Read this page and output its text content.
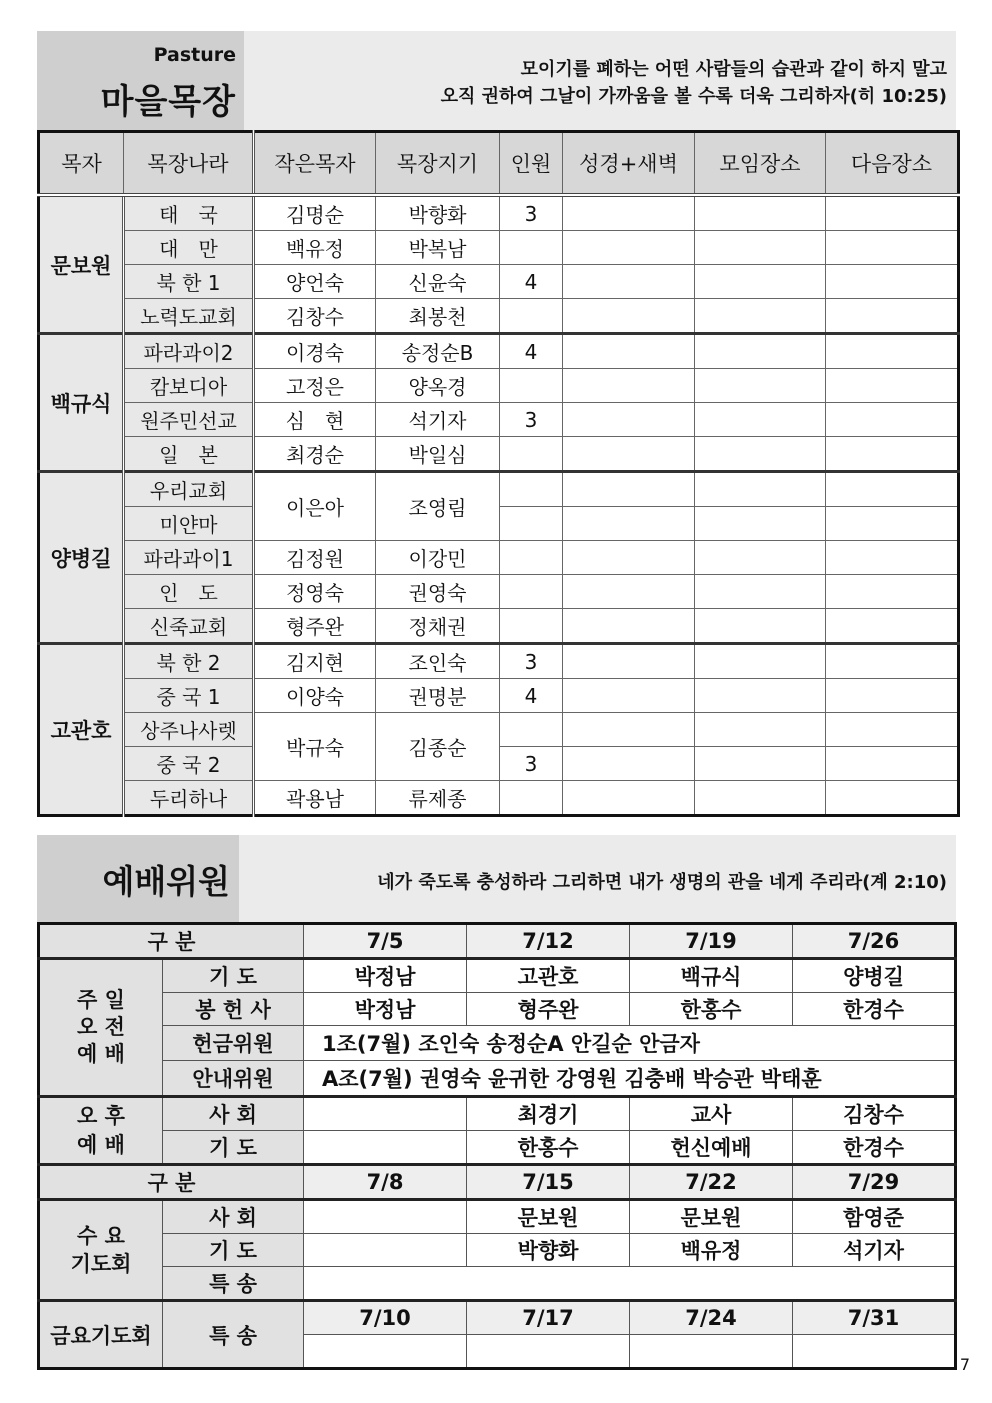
Pasture
마을목장
모이기를 폐하는 어떤 사람들의 습관과 같이 하지 말고
오직 권하여 그날이 가까움을 볼 수록 더욱 그리하자(히 10:25)
목자	목장나라	작은목자	목장지기	인원	성경+새벽	모임장소	다음장소
문보원	태　국	김명순	박향화	3			
	대　만	백유정	박복남				
	북 한 1	양언숙	신윤숙	4			
	노력도교회	김창수	최봉천				
백규식	파라과이2	이경숙	송정순B	4			
	캄보디아	고정은	양옥경				
	원주민선교	심　현	석기자	3			
	일　본	최경순	박일심				
양병길	우리교회	이은아	조영림				
	미얀마						
	파라과이1	김정원	이강민				
	인　도	정영숙	권영숙				
	신죽교회	형주완	정채권				
고관호	북 한 2	김지현	조인숙	3			
	중 국 1	이양숙	권명분	4			
	상주나사렛	박규숙	김종순				
	중 국 2			3			
	두리하나	곽용남	류제종				
예배위원	네가 죽도록 충성하라 그리하면 내가 생명의 관을 네게 주리라(계 2:10)
구 분		7/5	7/12	7/19	7/26

주 일
오 전
예 배	기 도	박정남	고관호	백규식	양병길
	봉 헌 사	박정남	형주완	한홍수	한경수
	헌금위원	1조(7월) 조인숙 송정순A 안길순 안금자			
	안내위원	A조(7월) 권영숙 윤귀한 강영원 김충배 박승관 박태훈			

오 후
예 배	사 회		최경기	교사	김창수
	기 도		한홍수	헌신예배	한경수
구 분		7/8	7/15	7/22	7/29

수 요
기도회	사 회		문보원	문보원	함영준
	기 도		박향화	백유정	석기자
	특 송				
금요기도회	특 송	7/10	7/17	7/24	7/31

7
